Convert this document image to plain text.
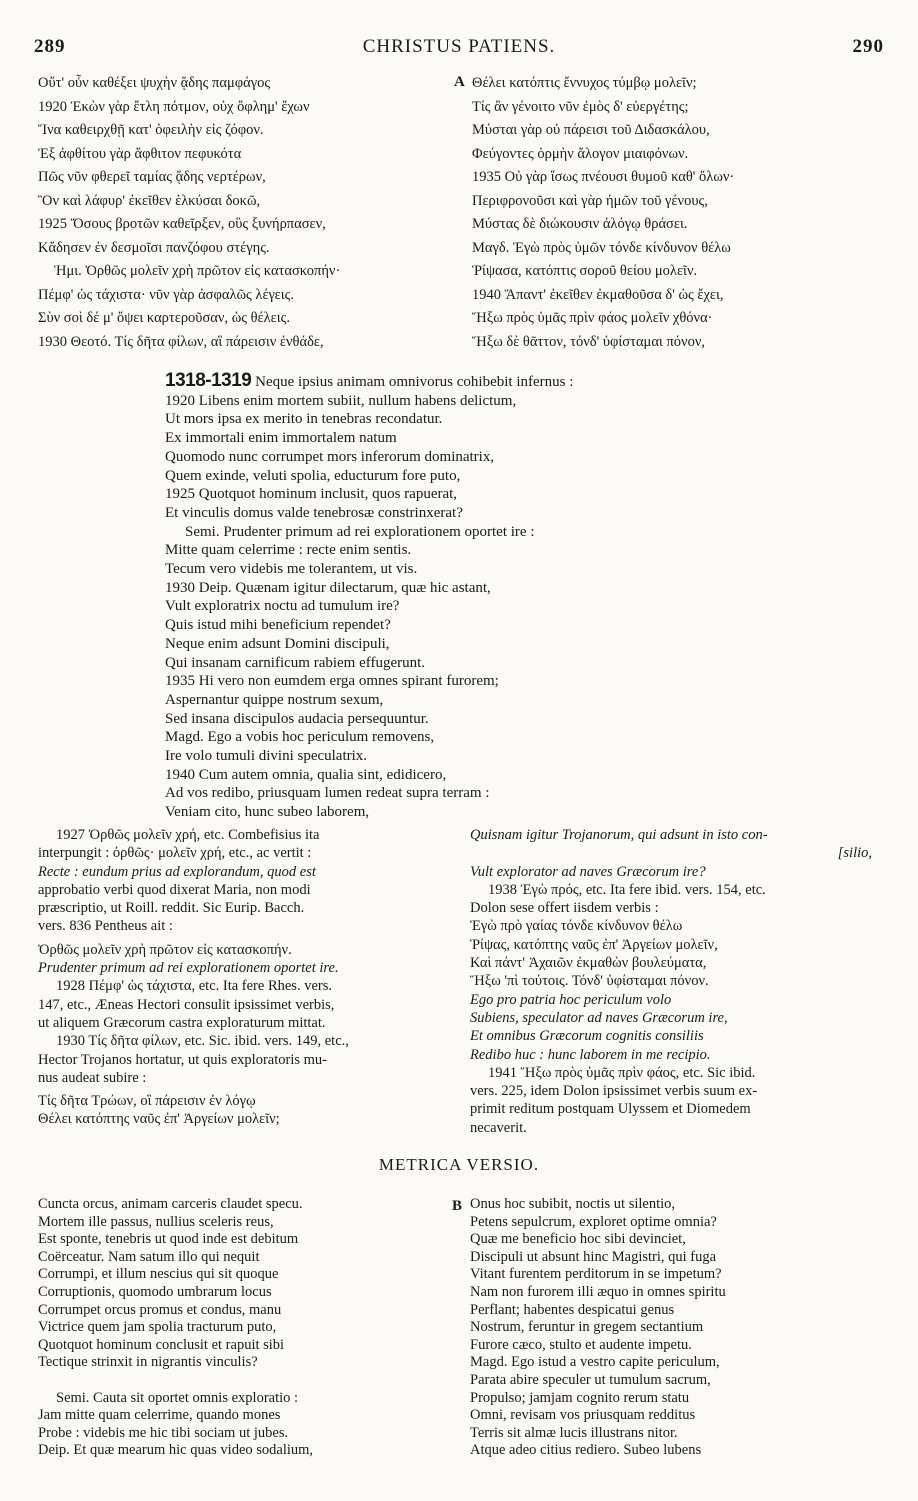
289	CHRISTUS PATIENS.	290
Οὔτ' οὖν καθέξει ψυχὴν ᾅδης παμφάγος
1920 Ἑκὼν γὰρ ἔτλη πότμον, οὐχ ὄφλημ' ἔχων
Ἵνα καθειρχθῇ κατ' ὀφειλὴν εἰς ζόφον.
Ἐξ ἀφθίτου γὰρ ἄφθιτον πεφυκότα
Πῶς νῦν φθερεῖ ταμίας ᾅδης νερτέρων,
Ὃν καὶ λάφυρ' ἐκεῖθεν ἑλκύσαι δοκῶ,
1925 Ὅσους βροτῶν καθεῖρξεν, οὓς ξυνήρπασεν,
Κἄδησεν ἐν δεσμοῖσι πανζόφου στέγης.
Ἡμι. Ὀρθῶς μολεῖν χρὴ πρῶτον εἰς κατασκοπήν·
Πέμφ' ὡς τάχιστα· νῦν γὰρ ἀσφαλῶς λέγεις.
Σὺν σοὶ δέ μ' ὄψει καρτεροῦσαν, ὡς θέλεις.
1930 Θεοτό. Τίς δῆτα φίλων, αἳ πάρεισιν ἐνθάδε,
A Θέλει κατόπτις ἔννυχος τύμβῳ μολεῖν;
Τίς ἂν γένοιτο νῦν ἐμὸς δ' εὐεργέτης;
Μύσται γὰρ οὐ πάρεισι τοῦ Διδασκάλου,
Φεύγοντες ὁρμὴν ἄλογον μιαιφόνων.
1935 Οὐ γὰρ ἴσως πνέουσι θυμοῦ καθ' ὅλων·
Περιφρονοῦσι καὶ γὰρ ἡμῶν τοῦ γένους,
Μύστας δὲ διώκουσιν ἀλόγῳ θράσει.
Μαγδ. Ἐγὼ πρὸς ὑμῶν τόνδε κίνδυνον θέλω
Ῥίψασα, κατόπτις σοροῦ θείου μολεῖν.
1940 Ἅπαντ' ἐκεῖθεν ἐκμαθοῦσα δ' ὡς ἔχει,
Ἥξω πρὸς ὑμᾶς πρὶν φάος μολεῖν χθόνα·
Ἥξω δὲ θᾶττον, τόνδ' ὑφίσταμαι πόνον,
1318-1319 Neque ipsius animam omnivorus cohibebit infernus :
1920 Libens enim mortem subiit, nullum habens delictum,
Ut mors ipsa ex merito in tenebras recondatur.
Ex immortali enim immortalem natum
Quomodo nunc corrumpet mors inferorum dominatrix,
Quem exinde, veluti spolia, educturum fore puto,
1925 Quotquot hominum inclusit, quos rapuerat,
Et vinculis domus valde tenebrosæ constrinxerat?
Semi. Prudenter primum ad rei explorationem oportet ire :
Mitte quam celerrime : recte enim sentis.
Tecum vero videbis me tolerantem, ut vis.
1930 Deip. Quænam igitur dilectarum, quæ hic astant,
Vult exploratrix noctu ad tumulum ire?
Quis istud mihi beneficium rependet?
Neque enim adsunt Domini discipuli,
Qui insanam carnificum rabiem effugerunt.
1935 Hi vero non eumdem erga omnes spirant furorem;
Aspernantur quippe nostrum sexum,
Sed insana discipulos audacia persequuntur.
Magd. Ego a vobis hoc periculum removens,
Ire volo tumuli divini speculatrix.
1940 Cum autem omnia, qualia sint, edidicero,
Ad vos redibo, priusquam lumen redeat supra terram :
Veniam cito, hunc subeo laborem,
1927 Ὀρθῶς μολεῖν χρή, etc. Combefisius ita
interpungit : ὀρθῶς· μολεῖν χρή, etc., ac vertit :
Recte : eundum prius ad explorandum, quod est
approbatio verbi quod dixerat Maria, non modi
præscriptio, ut Roill. reddit. Sic Eurip. Bacch.
vers. 836 Pentheus ait :
Ὀρθῶς μολεῖν χρὴ πρῶτον εἰς κατασκοπήν.
Prudenter primum ad rei explorationem oportet ire.
1928 Πέμφ' ὡς τάχιστα, etc. Ita fere Rhes. vers.
147, etc., Æneas Hectori consulit ipsissimet verbis,
ut aliquem Græcorum castra exploraturum mittat.
1930 Τίς δῆτα φίλων, etc. Sic. ibid. vers. 149, etc.,
Hector Trojanos hortatur, ut quis exploratoris mu-
nus audeat subire :
Τίς δῆτα Τρώων, οἳ πάρεισιν ἐν λόγῳ
Θέλει κατόπτης ναῦς ἐπ' Ἀργείων μολεῖν;
Quisnam igitur Trojanorum, qui adsunt in isto con-
[silio,
Vult explorator ad naves Græcorum ire?
1938 Ἐγὼ πρός, etc. Ita fere ibid. vers. 154, etc.
Dolon sese offert iisdem verbis :
Ἐγὼ πρὸ γαίας τόνδε κίνδυνον θέλω
Ῥίψας, κατόπτης ναῦς ἐπ' Ἀργείων μολεῖν,
Καὶ πάντ' Ἀχαιῶν ἐκμαθὼν βουλεύματα,
Ἥξω 'πὶ τούτοις. Τόνδ' ὑφίσταμαι πόνον.
Ego pro patria hoc periculum volo
Subiens, speculator ad naves Græcorum ire,
Et omnibus Græcorum cognitis consiliis
Redibo huc : hunc laborem in me recipio.
1941 Ἥξω πρὸς ὑμᾶς πρὶν φάος, etc. Sic ibid.
vers. 225, idem Dolon ipsissimet verbis suum ex-
primit reditum postquam Ulyssem et Diomedem
necaverit.
METRICA VERSIO.
Cuncta orcus, animam carceris claudet specu.
Mortem ille passus, nullius sceleris reus,
Est sponte, tenebris ut quod inde est debitum
Coërceatur. Nam satum illo qui nequit
Corrumpi, et illum nescius qui sit quoque
Corruptionis, quomodo umbrarum locus
Corrumpet orcus promus et condus, manu
Victrice quem jam spolia tracturum puto,
Quotquot hominum conclusit et rapuit sibi
Tectique strinxit in nigrantis vinculis?
Semi. Cauta sit oportet omnis exploratio :
Jam mitte quam celerrime, quando mones
Probe : videbis me hic tibi sociam ut jubes.
Deip. Et quæ mearum hic quas video sodalium,
B Onus hoc subibit, noctis ut silentio,
Petens sepulcrum, exploret optime omnia?
Quæ me beneficio hoc sibi devinciet,
Discipuli ut absunt hinc Magistri, qui fuga
Vitant furentem perditorum in se impetum?
Nam non furorem illi æquo in omnes spiritu
Perflant; habentes despicatui genus
Nostrum, feruntur in gregem sectantium
Furore cæco, stulto et audente impetu.
Magd. Ego istud a vestro capite periculum,
Parata abire speculer ut tumulum sacrum,
Propulso; jamjam cognito rerum statu
Omni, revisam vos priusquam redditus
Terris sit almæ lucis illustrans nitor.
Atque adeo citius rediero. Subeo lubens
